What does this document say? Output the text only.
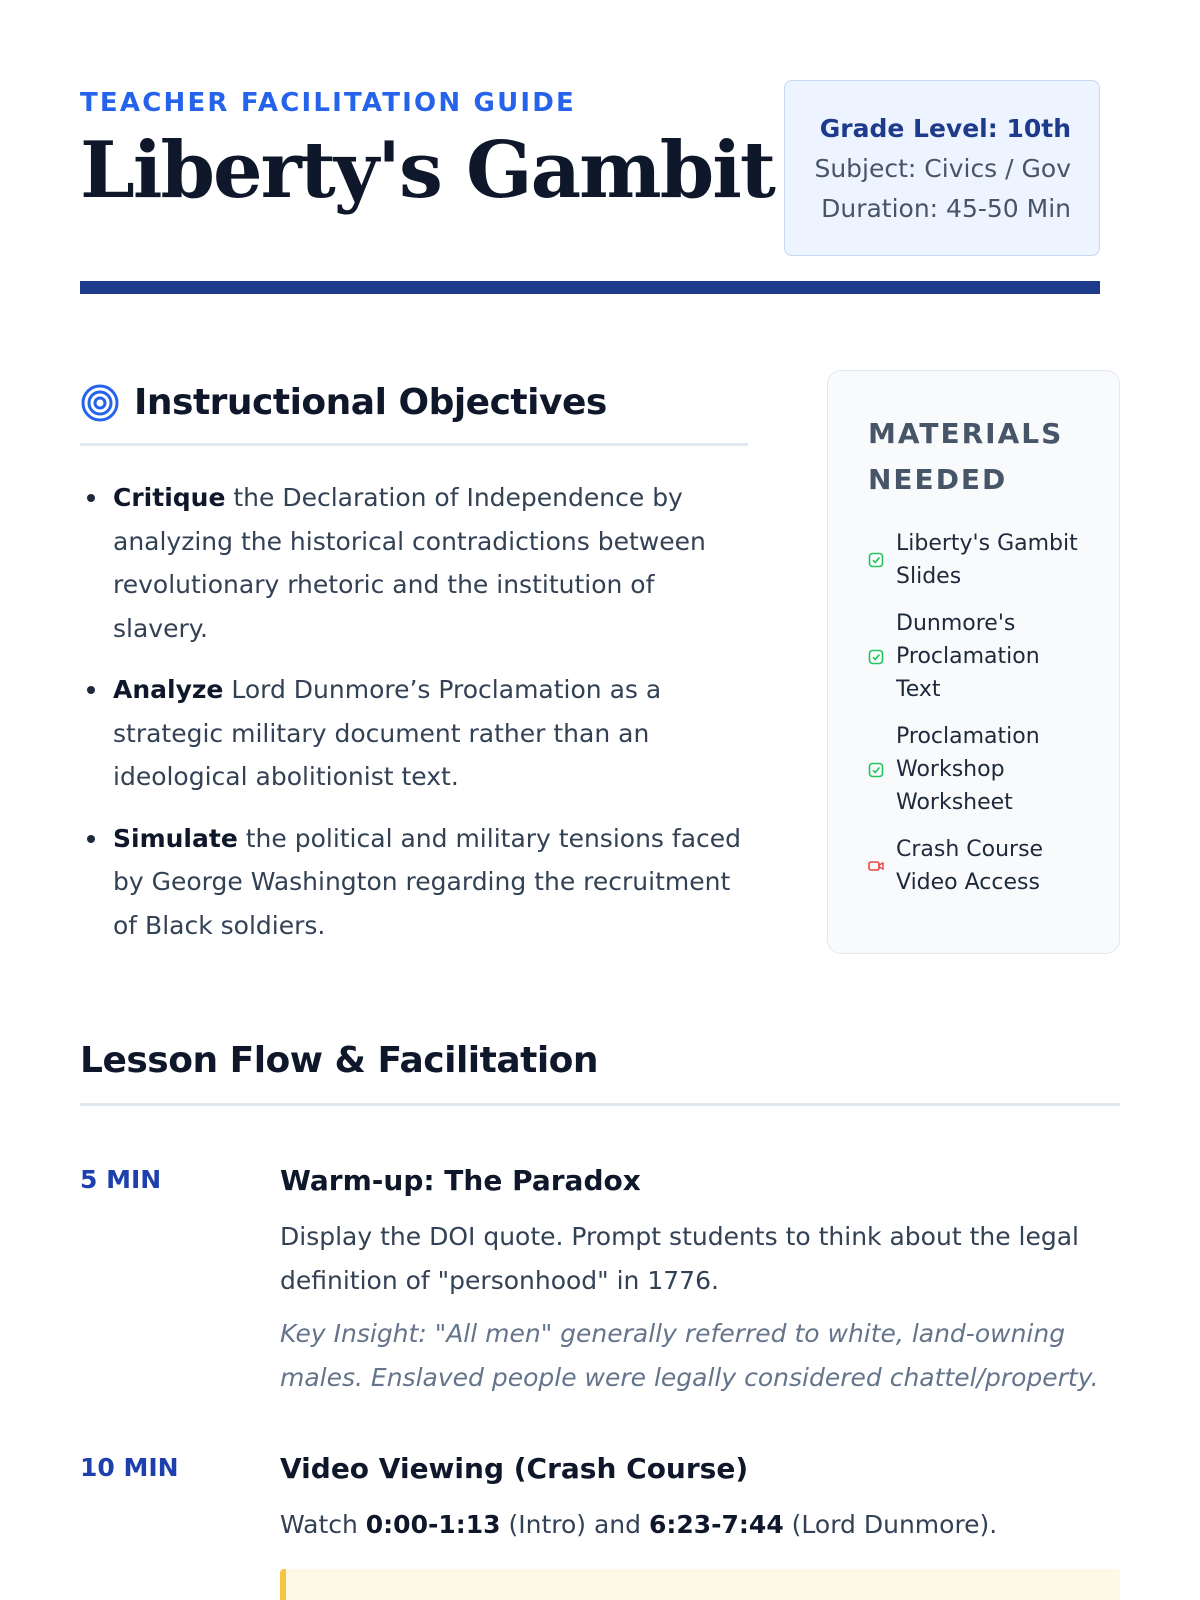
TEACHER FACILITATION GUIDE
Liberty's Gambit	Grade Level: 10th
Subject: Civics / Gov
Duration: 45-50 Min
Instructional Objectives
Critique the Declaration of Independence by analyzing the historical contradictions between revolutionary rhetoric and the institution of slavery.
Analyze Lord Dunmore’s Proclamation as a strategic military document rather than an ideological abolitionist text.
Simulate the political and military tensions faced by George Washington regarding the recruitment of Black soldiers.
MATERIALS NEEDED
Liberty's Gambit Slides
Dunmore's Proclamation Text
Proclamation Workshop Worksheet
Crash Course Video Access
Lesson Flow & Facilitation
5 MIN	Warm-up: The Paradox

Display the DOI quote. Prompt students to think about the legal definition of "personhood" in 1776.

Key Insight: "All men" generally referred to white, land-owning males. Enslaved people were legally considered chattel/property.

10 MIN	Video Viewing (Crash Course)

Watch 0:00-1:13 (Intro) and 6:23-7:44 (Lord Dunmore).
